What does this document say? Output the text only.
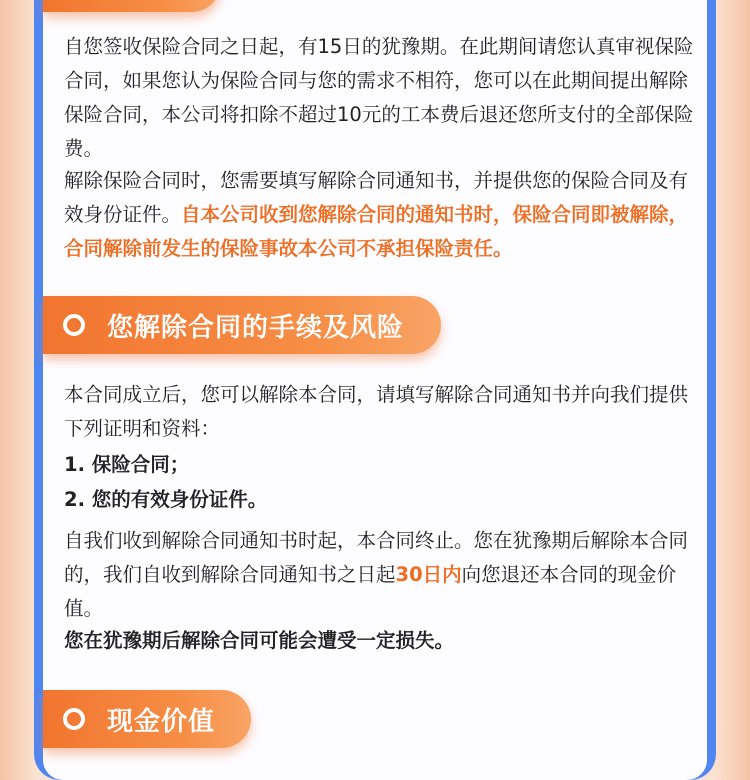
自您签收保险合同之日起，有15日的犹豫期。在此期间请您认真审视保险合同，如果您认为保险合同与您的需求不相符，您可以在此期间提出解除保险合同，本公司将扣除不超过10元的工本费后退还您所支付的全部保险费。
解除保险合同时，您需要填写解除合同通知书，并提供您的保险合同及有效身份证件。自本公司收到您解除合同的通知书时，保险合同即被解除，合同解除前发生的保险事故本公司不承担保险责任。
您解除合同的手续及风险
本合同成立后，您可以解除本合同，请填写解除合同通知书并向我们提供下列证明和资料：
1. 保险合同；
2. 您的有效身份证件。
自我们收到解除合同通知书时起，本合同终止。您在犹豫期后解除本合同的，我们自收到解除合同通知书之日起30日内向您退还本合同的现金价值。
您在犹豫期后解除合同可能会遭受一定损失。
现金价值
